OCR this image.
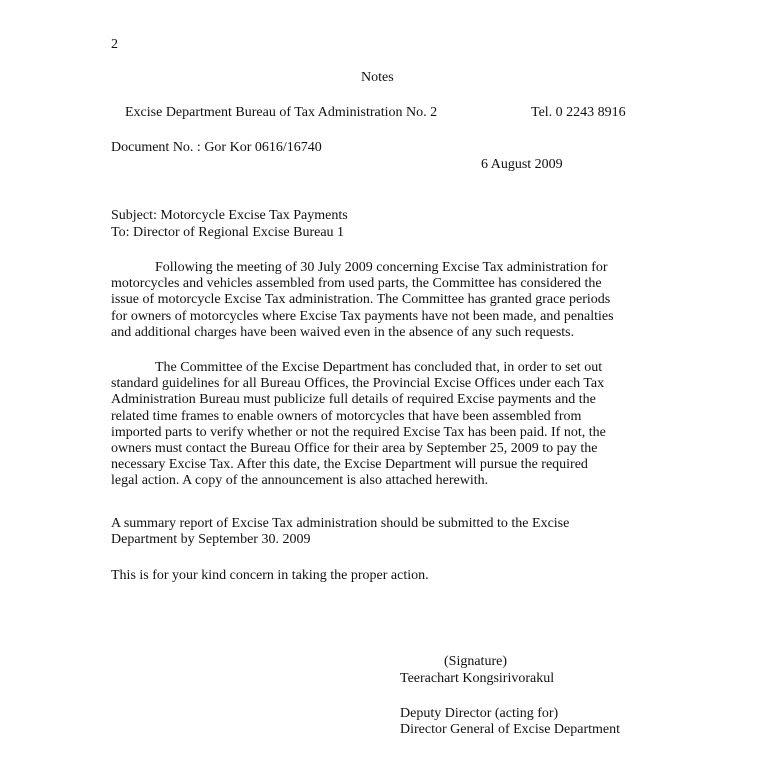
2
Notes
Excise Department Bureau of Tax Administration No. 2	Tel. 0 2243 8916
Document No. : Gor Kor 0616/16740
6 August 2009
Subject: Motorcycle Excise Tax Payments
To: Director of Regional Excise Bureau 1
Following the meeting of 30 July 2009 concerning Excise Tax administration for
motorcycles and vehicles assembled from used parts, the Committee has considered the
issue of motorcycle Excise Tax administration. The Committee has granted grace periods
for owners of motorcycles where Excise Tax payments have not been made, and penalties
and additional charges have been waived even in the absence of any such requests.
The Committee of the Excise Department has concluded that, in order to set out
standard guidelines for all Bureau Offices, the Provincial Excise Offices under each Tax
Administration Bureau must publicize full details of required Excise payments and the
related time frames to enable owners of motorcycles that have been assembled from
imported parts to verify whether or not the required Excise Tax has been paid. If not, the
owners must contact the Bureau Office for their area by September 25, 2009 to pay the
necessary Excise Tax. After this date, the Excise Department will pursue the required
legal action. A copy of the announcement is also attached herewith.
A summary report of Excise Tax administration should be submitted to the Excise
Department by September 30. 2009
This is for your kind concern in taking the proper action.
(Signature)
Teerachart Kongsirivorakul
Deputy Director (acting for)
Director General of Excise Department
